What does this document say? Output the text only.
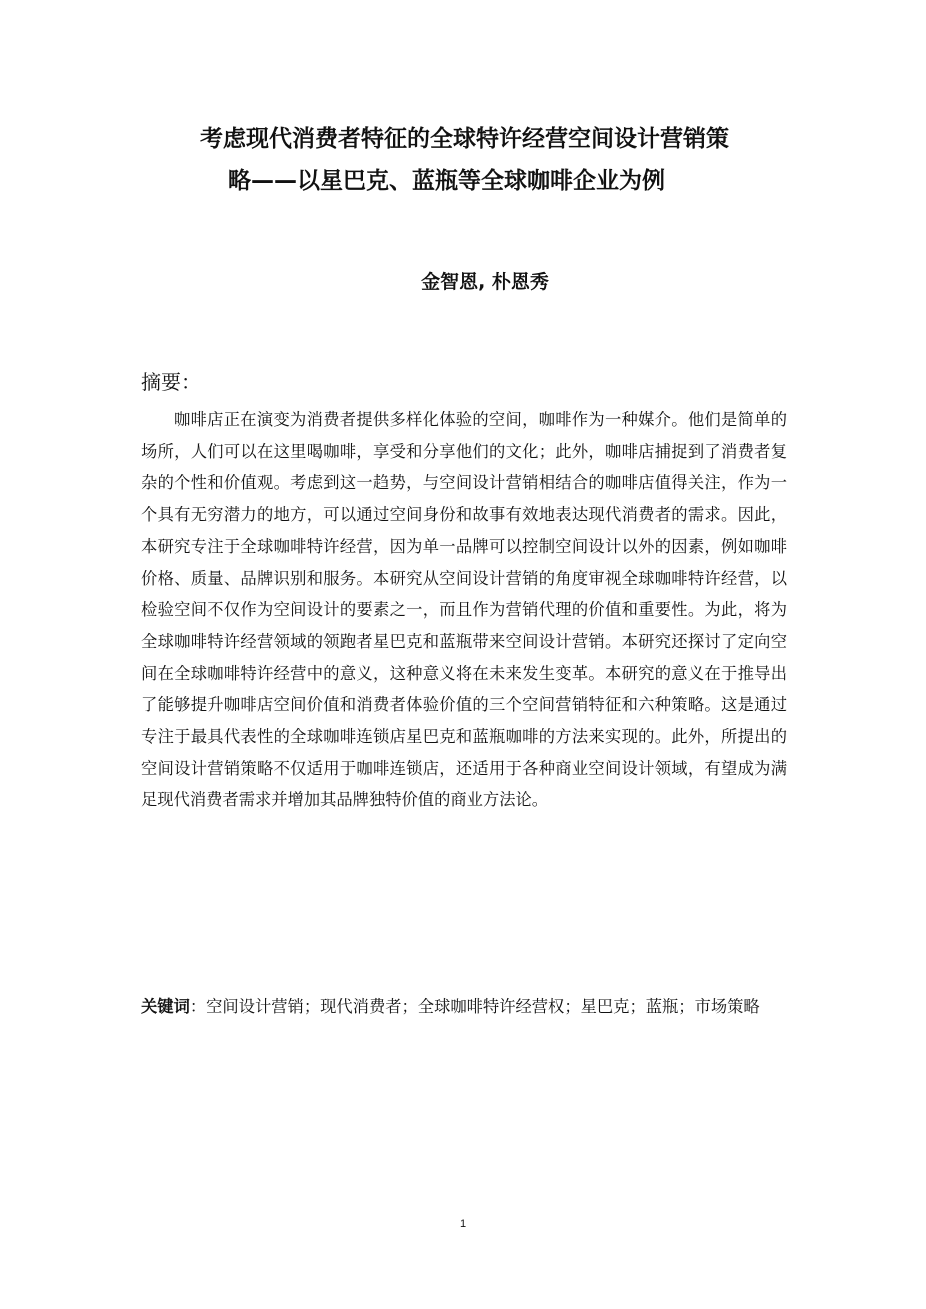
考虑现代消费者特征的全球特许经营空间设计营销策
略——以星巴克、蓝瓶等全球咖啡企业为例
金智恩, 朴恩秀
摘要：
咖啡店正在演变为消费者提供多样化体验的空间，咖啡作为一种媒介。他们是简单的场所，人们可以在这里喝咖啡，享受和分享他们的文化；此外，咖啡店捕捉到了消费者复杂的个性和价值观。考虑到这一趋势，与空间设计营销相结合的咖啡店值得关注，作为一个具有无穷潜力的地方，可以通过空间身份和故事有效地表达现代消费者的需求。因此，本研究专注于全球咖啡特许经营，因为单一品牌可以控制空间设计以外的因素，例如咖啡价格、质量、品牌识别和服务。本研究从空间设计营销的角度审视全球咖啡特许经营，以检验空间不仅作为空间设计的要素之一，而且作为营销代理的价值和重要性。为此，将为全球咖啡特许经营领域的领跑者星巴克和蓝瓶带来空间设计营销。本研究还探讨了定向空间在全球咖啡特许经营中的意义，这种意义将在未来发生变革。本研究的意义在于推导出了能够提升咖啡店空间价值和消费者体验价值的三个空间营销特征和六种策略。这是通过专注于最具代表性的全球咖啡连锁店星巴克和蓝瓶咖啡的方法来实现的。此外，所提出的空间设计营销策略不仅适用于咖啡连锁店，还适用于各种商业空间设计领域，有望成为满足现代消费者需求并增加其品牌独特价值的商业方法论。
关键词：空间设计营销；现代消费者；全球咖啡特许经营权；星巴克；蓝瓶；市场策略
1
